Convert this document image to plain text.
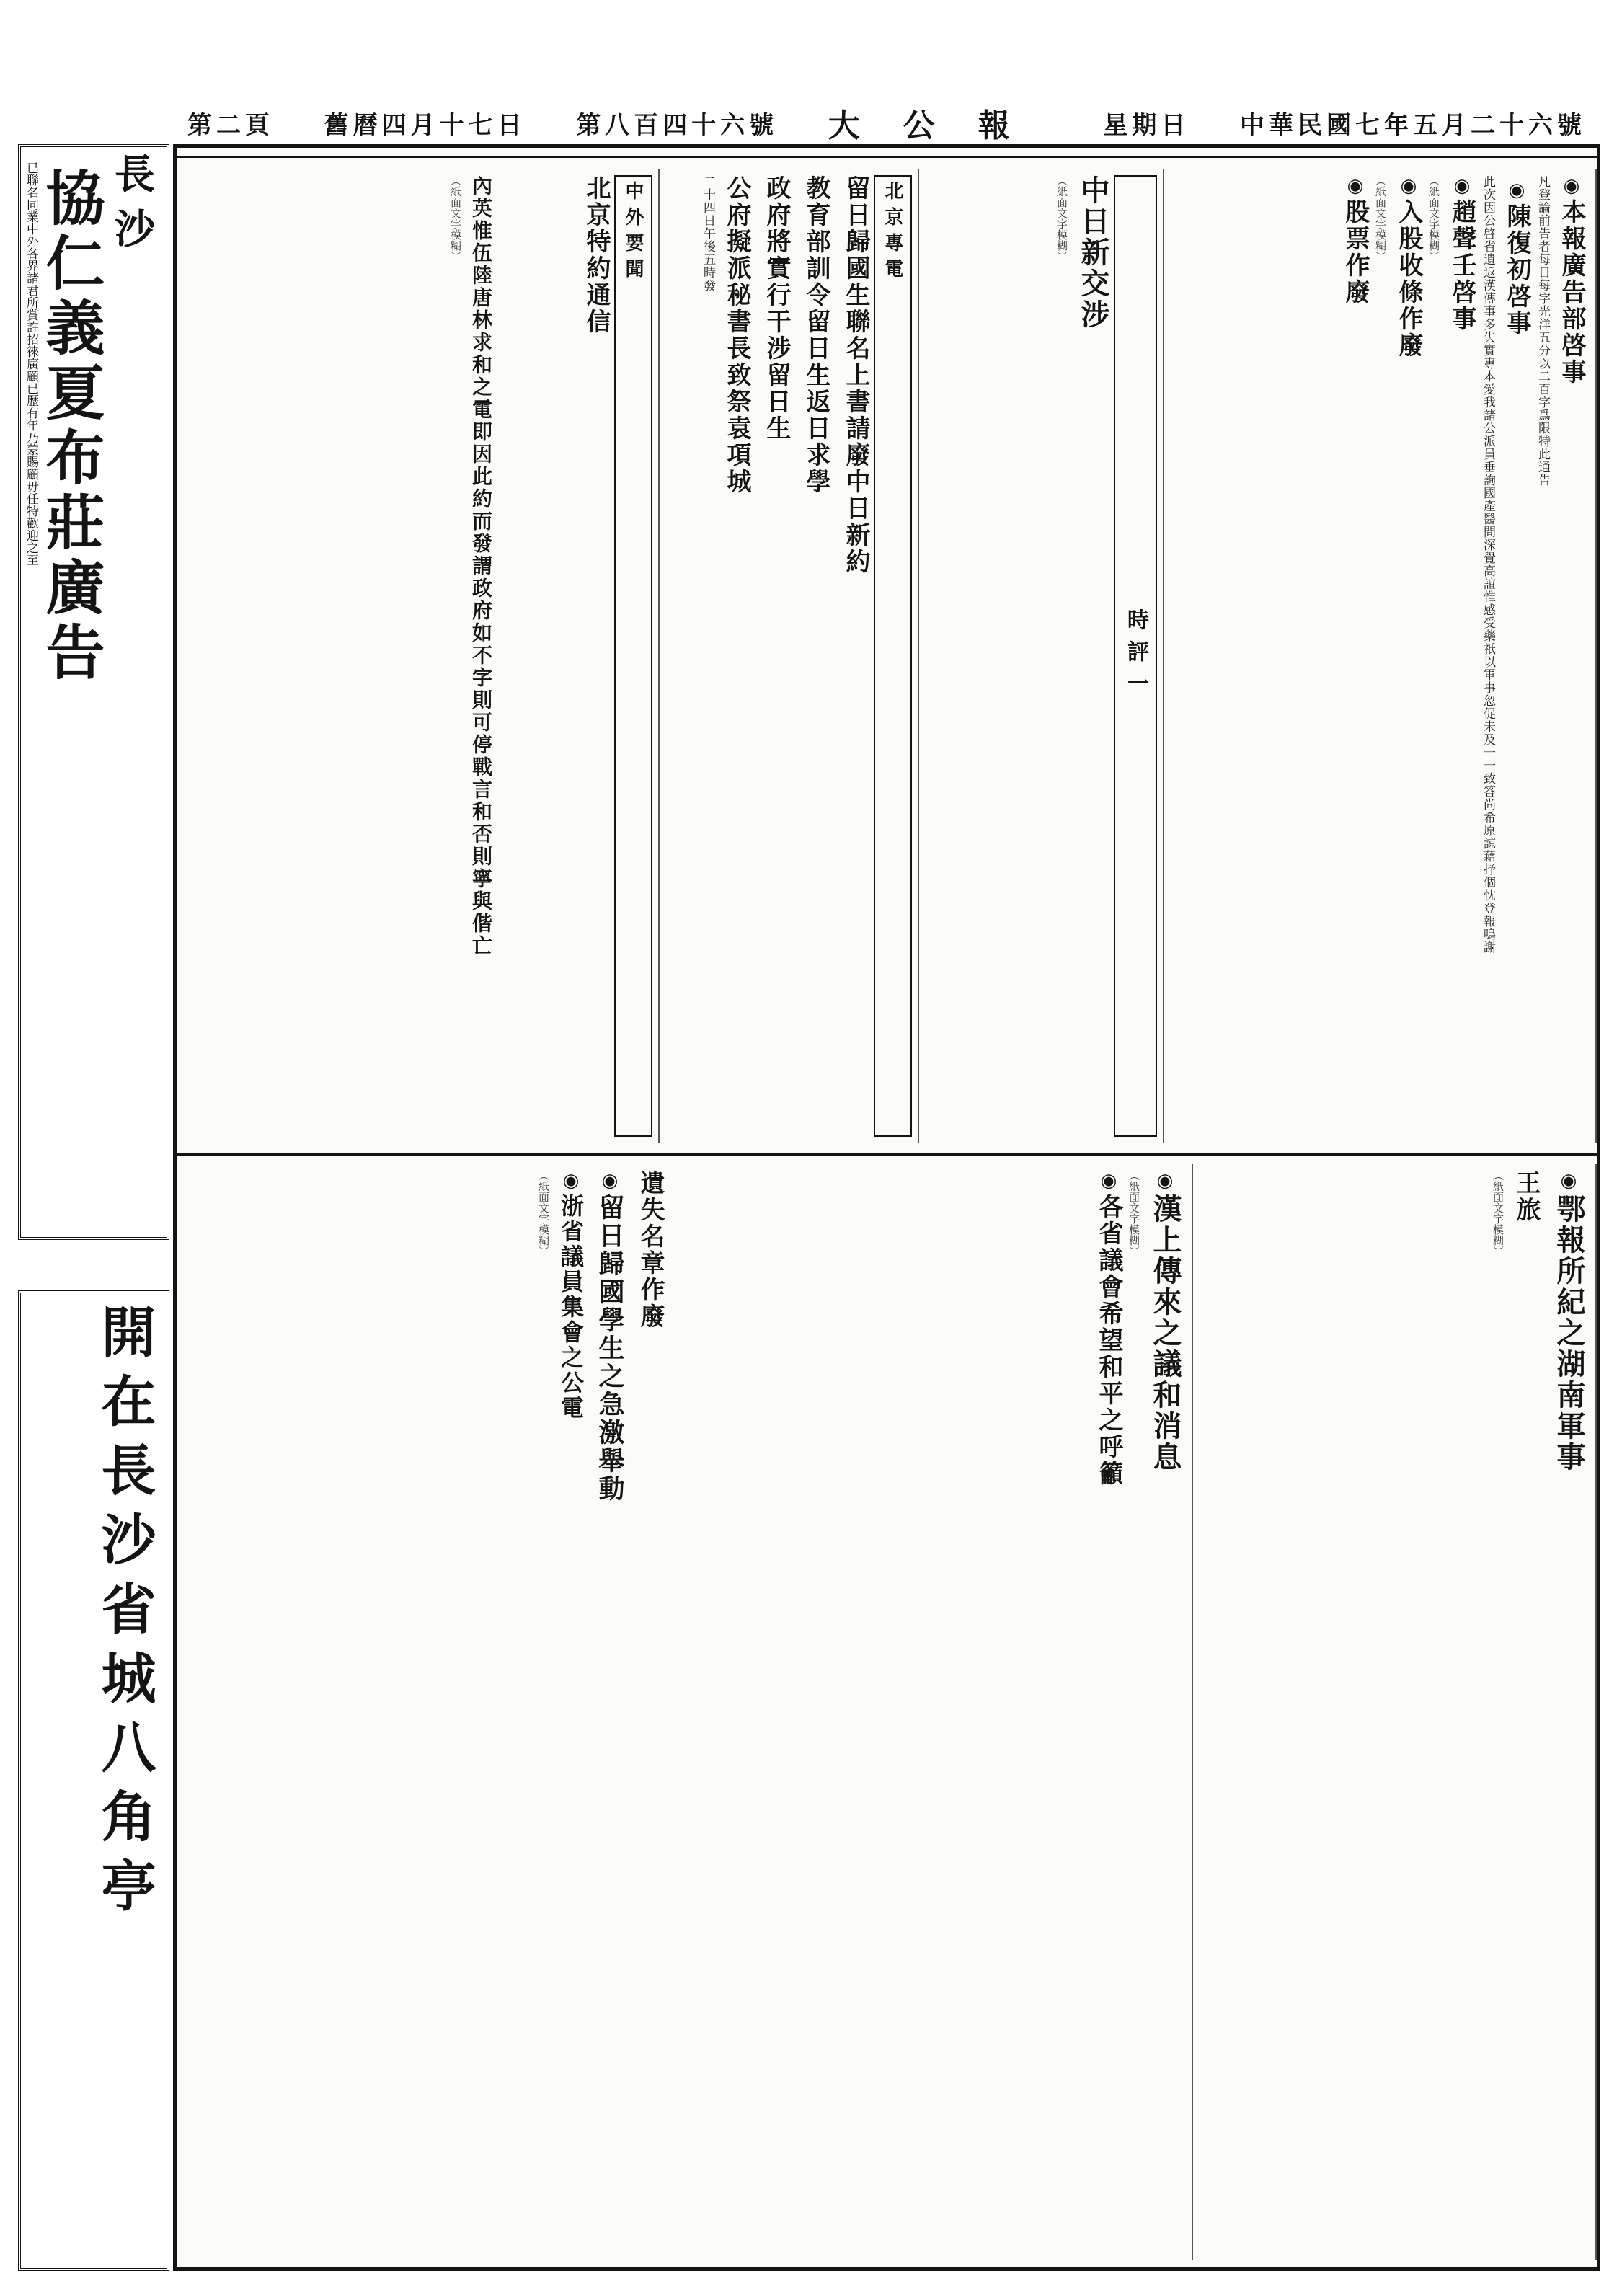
中華民國七年五月二十六號
星期日
大公報
第八百四十六號
舊曆四月十七日
第二頁
長沙
協仁義夏布莊廣告
已聯名同業中外各界諸君所賞許招徠廣顧已歷有年乃蒙賜顧毋任特歡迎之至
開在長沙省城八角亭
◉本報廣告部啓事
凡登論前告者每日每字光洋五分以二百字爲限特此通告
◉陳復初啓事
此次因公啓省遺返漢傳事多失實專本愛我諸公派員垂詢國產醫問深覺高誼惟感受藥祇以軍事忽促未及一一致答尚希原諒藉抒個忱登報鳴謝
◉趙聲壬啓事
（紙面文字模糊）
◉入股收條作廢
（紙面文字模糊）
◉股票作廢
時評一
中日新交涉
（紙面文字模糊）
北京專電
留日歸國生聯名上書請廢中日新約
教育部訓令留日生返日求學
政府將實行干涉留日生
公府擬派秘書長致祭袁項城
二十四日午後五時發
中外要聞
北京特約通信
內英惟伍陸唐林求和之電即因此約而發謂政府如不字則可停戰言和否則寧與偕亡
（紙面文字模糊）
◉鄂報所紀之湖南軍事
王旅
（紙面文字模糊）
◉漢上傳來之議和消息
（紙面文字模糊）
◉各省議會希望和平之呼籲
遺失名章作廢
◉留日歸國學生之急激舉動
◉浙省議員集會之公電
（紙面文字模糊）
